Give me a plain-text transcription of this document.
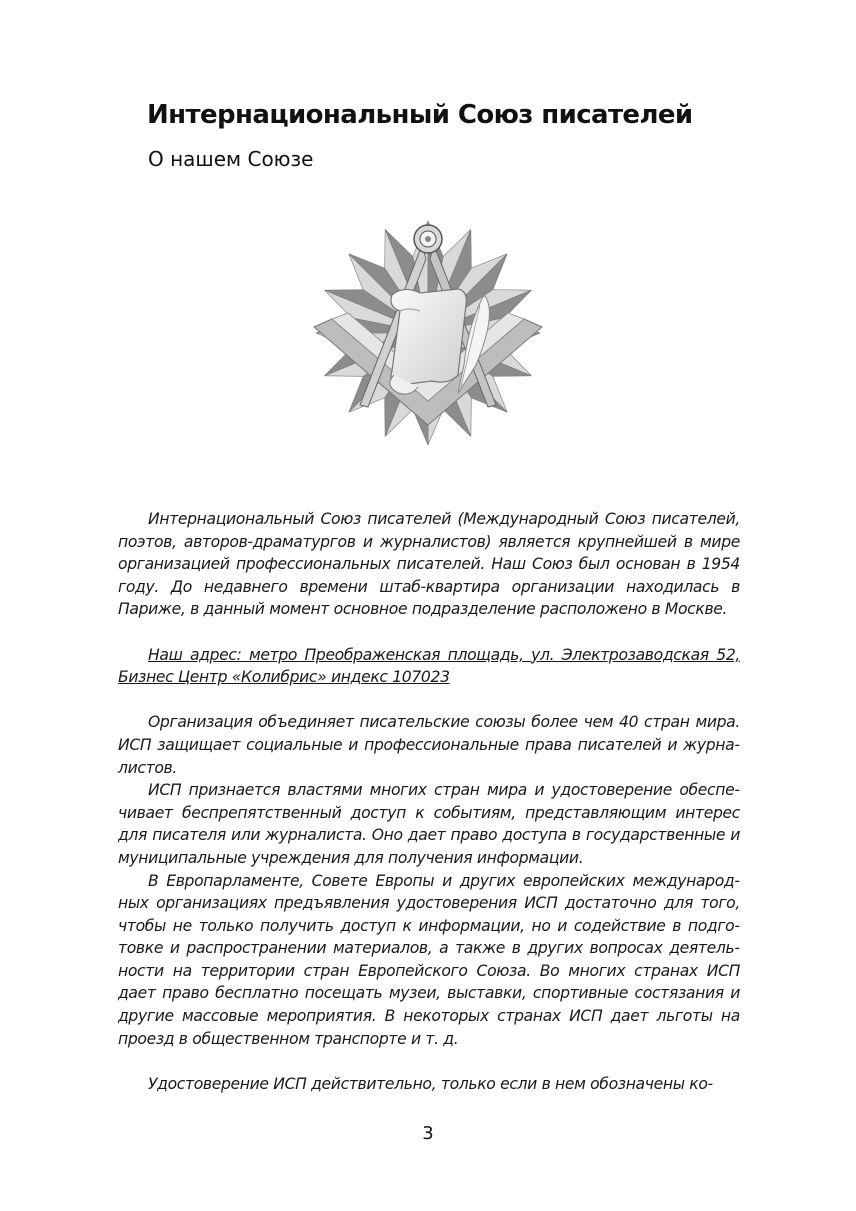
Интернациональный Союз писателей
О нашем Союзе

Интернациональный Союз писателей (Международный Союз писателей, поэтов, авторов-драматургов и журналистов) является крупнейшей в мире организацией профессиональных писателей. Наш Союз был основан в 1954 году. До недавнего времени штаб-квартира организации находилась в Париже, в данный момент основное подразделение расположено в Москве.

Наш адрес: метро Преображенская площадь, ул. Электрозаводская 52, Бизнес Центр «Колибрис» индекс 107023

Организация объединяет писательские союзы более чем 40 стран мира. ИСП защищает социальные и профессиональные права писателей и журналистов.

ИСП признается властями многих стран мира и удостоверение обеспечивает беспрепятственный доступ к событиям, представляющим интерес для писателя или журналиста. Оно дает право доступа в государственные и муниципальные учреждения для получения информации.

В Европарламенте, Совете Европы и других европейских международных организациях предъявления удостоверения ИСП достаточно для того, чтобы не только получить доступ к информации, но и содействие в подготовке и распространении материалов, а также в других вопросах деятельности на территории стран Европейского Союза. Во многих странах ИСП дает право бесплатно посещать музеи, выставки, спортивные состязания и другие массовые мероприятия. В некоторых странах ИСП дает льготы на проезд в общественном транспорте и т. д.

Удостоверение ИСП действительно, только если в нем обозначены ко-

3
